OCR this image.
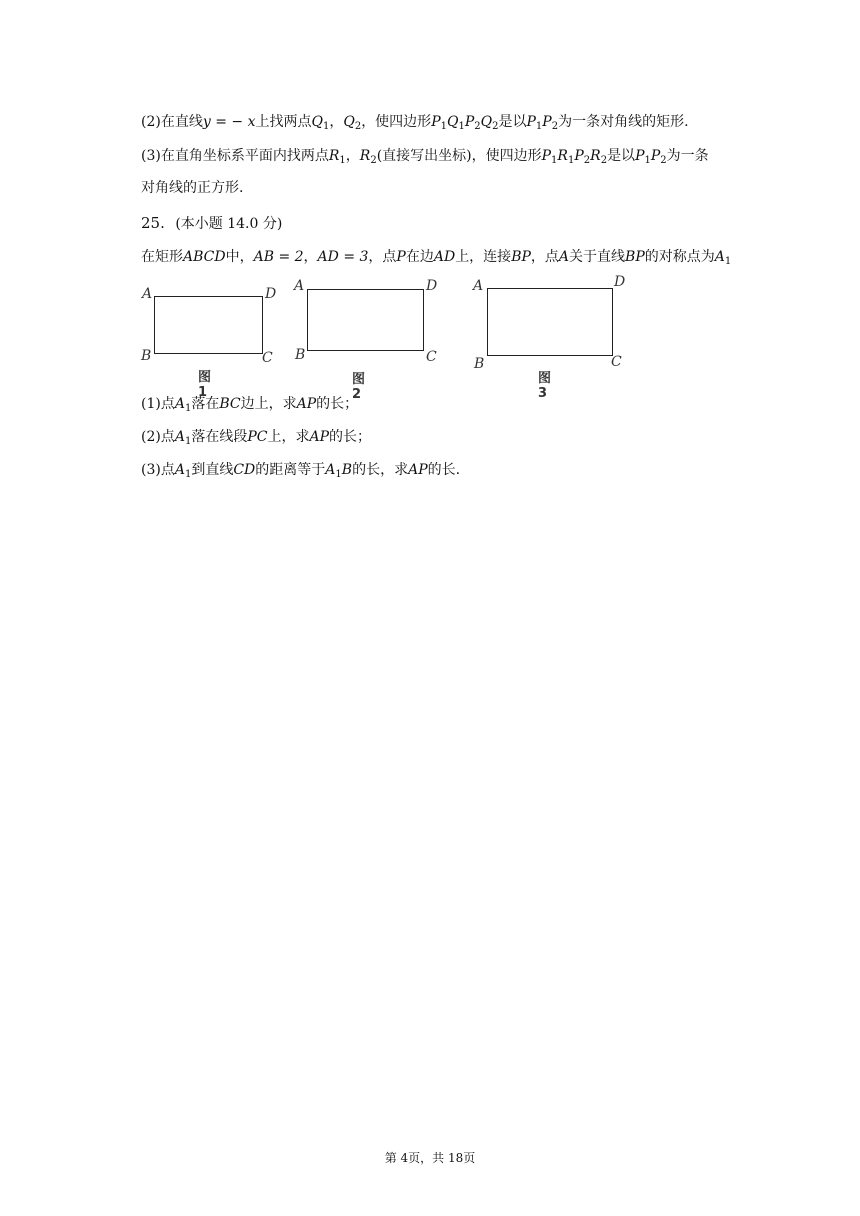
(2)在直线y = − x上找两点$Q_1$，$Q_2$，使四边形$P_1Q_1P_2Q_2$是以$P_1P_2$为一条对角线的矩形.
(3)在直角坐标系平面内找两点$R_1$，$R_2$(直接写出坐标)，使四边形$P_1R_1P_2R_2$是以$P_1P_2$为一条
对角线的正方形.
25. (本小题 14.0 分)
在矩形ABCD中，AB = 2，AD = 3，点P在边AD上，连接BP，点A关于直线BP的对称点为$A_1$
A	D
B	C
图1
A	D
B	C
图2
A	D
B	C
图3
(1)点$A_1$落在BC边上，求AP的长；
(2)点$A_1$落在线段PC上，求AP的长；
(3)点$A_1$到直线CD的距离等于$A_1B$的长，求AP的长.
第 4页，共 18页
